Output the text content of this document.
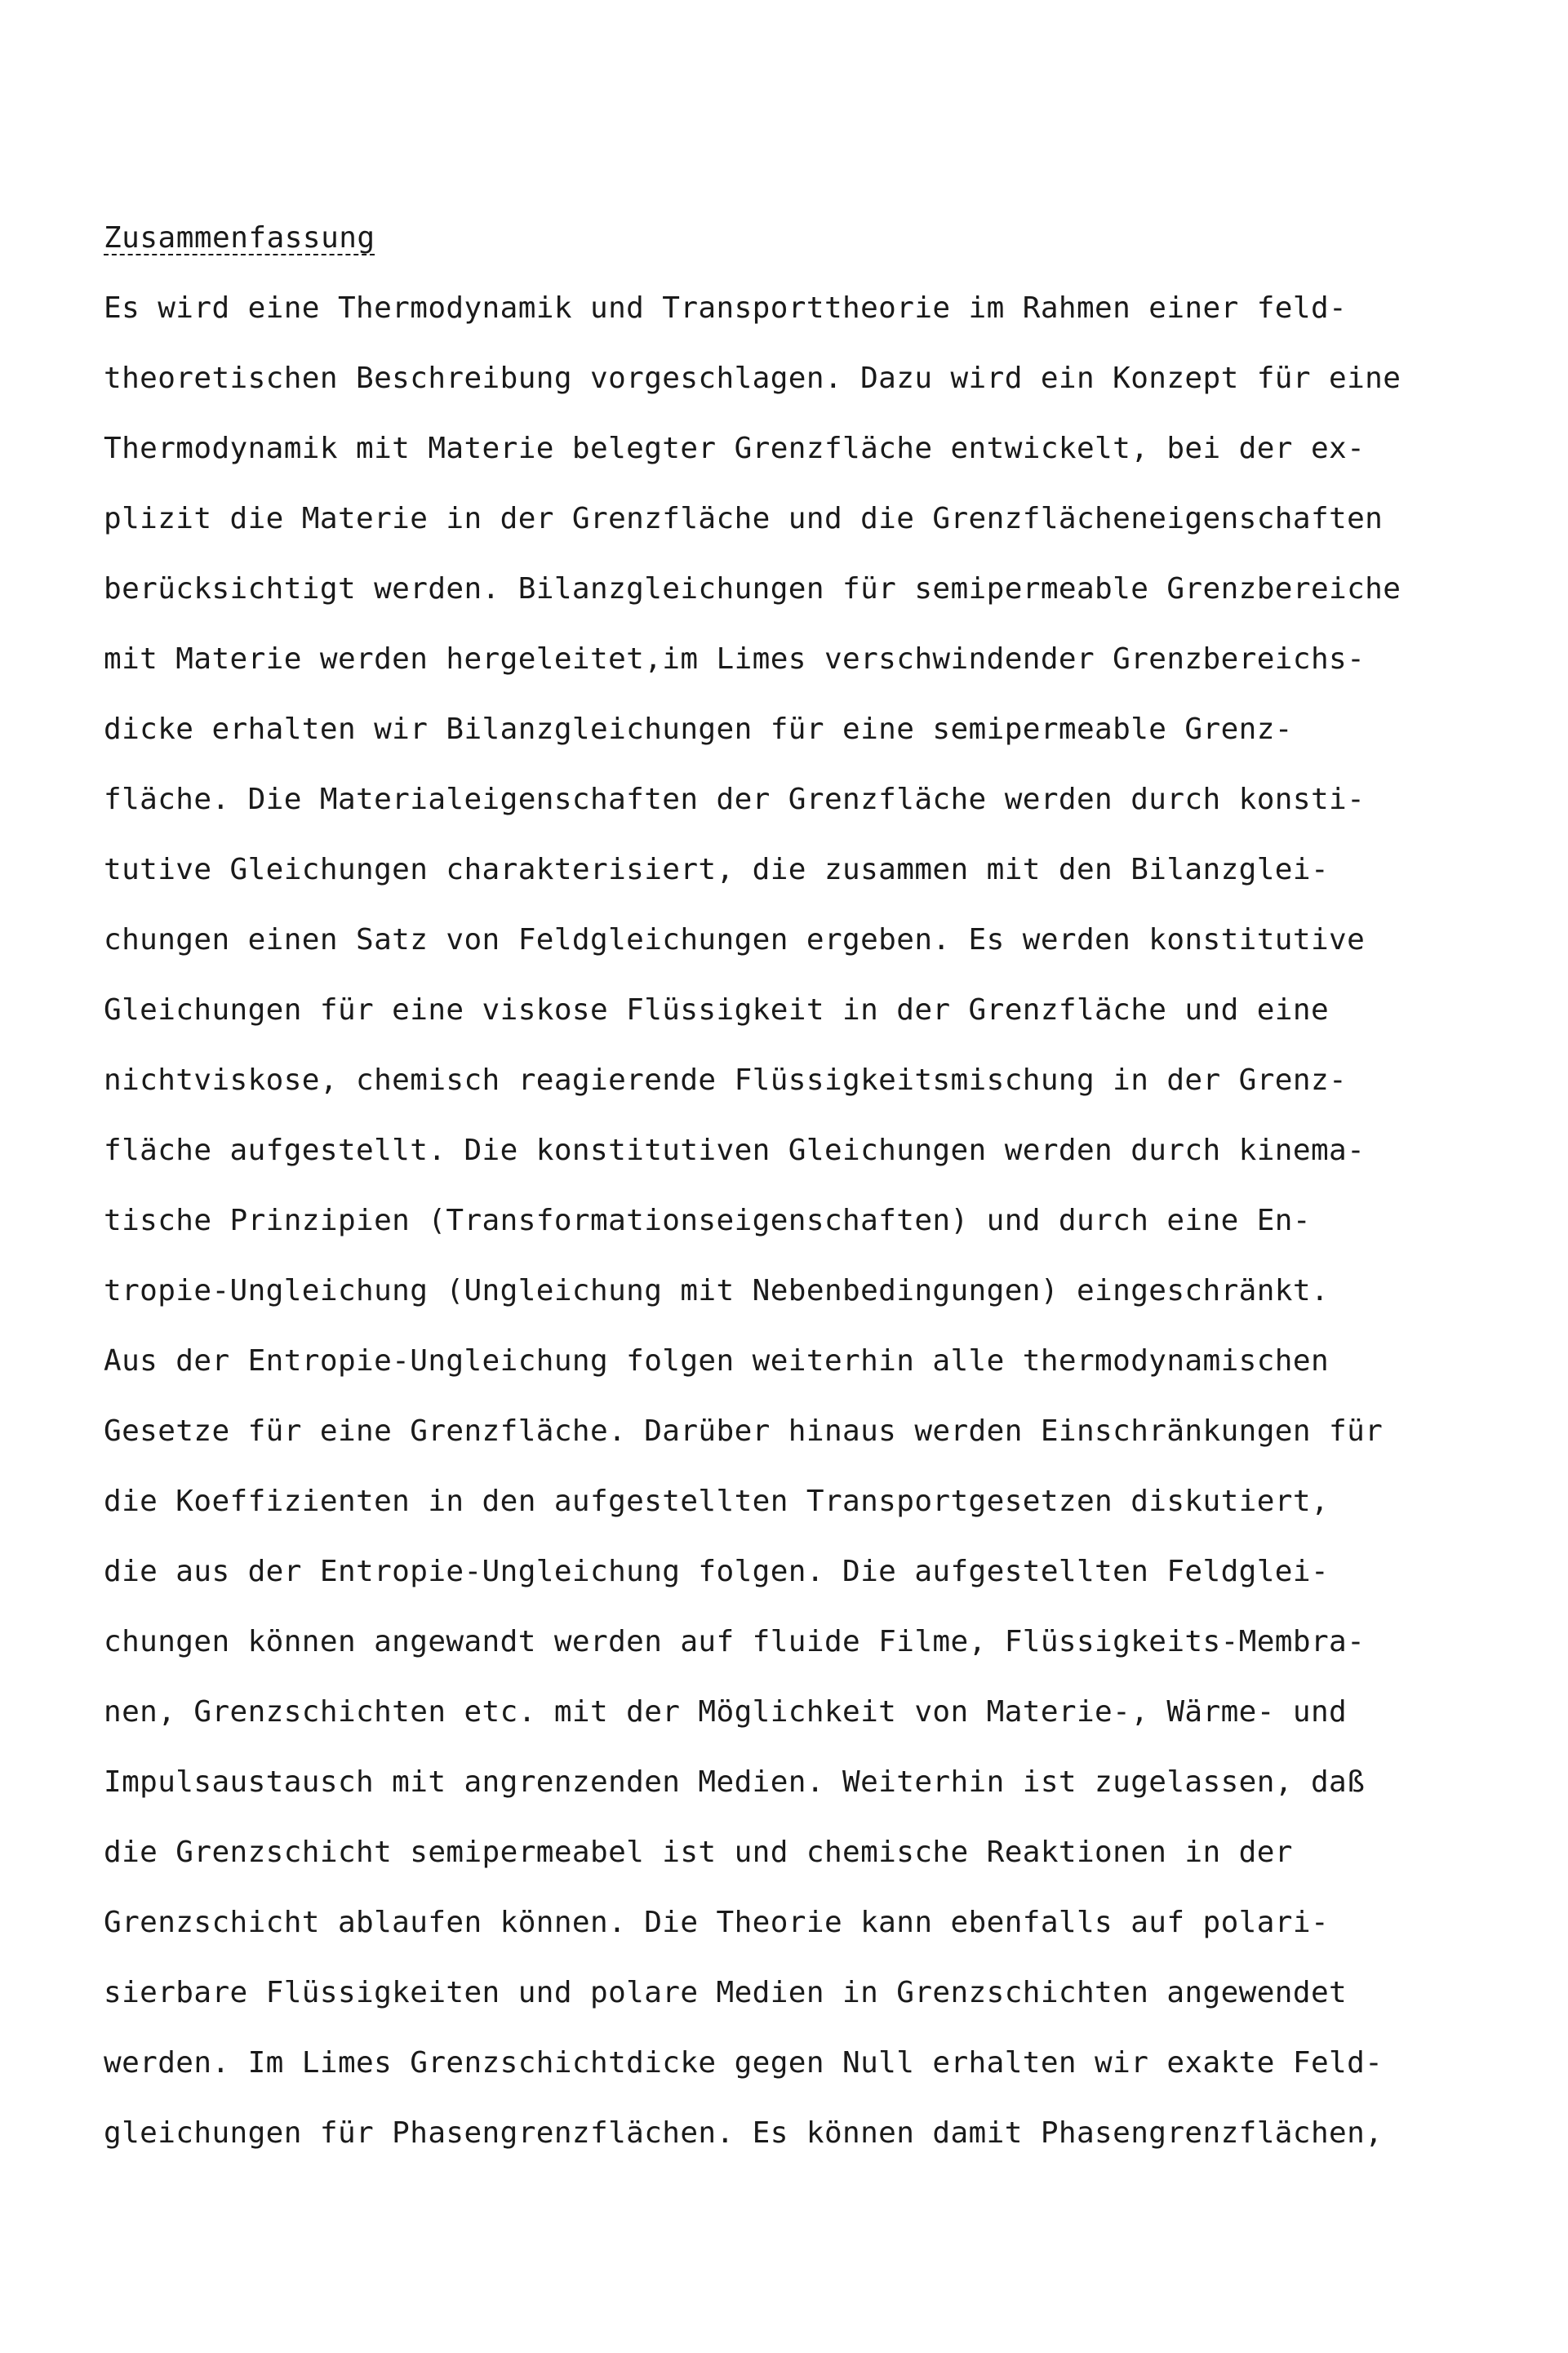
Zusammenfassung
Es wird eine Thermodynamik und Transporttheorie im Rahmen einer feld-
theoretischen Beschreibung vorgeschlagen. Dazu wird ein Konzept für eine
Thermodynamik mit Materie belegter Grenzfläche entwickelt, bei der ex-
plizit die Materie in der Grenzfläche und die Grenzflächeneigenschaften
berücksichtigt werden. Bilanzgleichungen für semipermeable Grenzbereiche
mit Materie werden hergeleitet,im Limes verschwindender Grenzbereichs-
dicke erhalten wir Bilanzgleichungen für eine semipermeable Grenz-
fläche. Die Materialeigenschaften der Grenzfläche werden durch konsti-
tutive Gleichungen charakterisiert, die zusammen mit den Bilanzglei-
chungen einen Satz von Feldgleichungen ergeben. Es werden konstitutive
Gleichungen für eine viskose Flüssigkeit in der Grenzfläche und eine
nichtviskose, chemisch reagierende Flüssigkeitsmischung in der Grenz-
fläche aufgestellt. Die konstitutiven Gleichungen werden durch kinema-
tische Prinzipien (Transformationseigenschaften) und durch eine En-
tropie-Ungleichung (Ungleichung mit Nebenbedingungen) eingeschränkt.
Aus der Entropie-Ungleichung folgen weiterhin alle thermodynamischen
Gesetze für eine Grenzfläche. Darüber hinaus werden Einschränkungen für
die Koeffizienten in den aufgestellten Transportgesetzen diskutiert,
die aus der Entropie-Ungleichung folgen. Die aufgestellten Feldglei-
chungen können angewandt werden auf fluide Filme, Flüssigkeits-Membra-
nen, Grenzschichten etc. mit der Möglichkeit von Materie-, Wärme- und
Impulsaustausch mit angrenzenden Medien. Weiterhin ist zugelassen, daß
die Grenzschicht semipermeabel ist und chemische Reaktionen in der
Grenzschicht ablaufen können. Die Theorie kann ebenfalls auf polari-
sierbare Flüssigkeiten und polare Medien in Grenzschichten angewendet
werden. Im Limes Grenzschichtdicke gegen Null erhalten wir exakte Feld-
gleichungen für Phasengrenzflächen. Es können damit Phasengrenzflächen,
